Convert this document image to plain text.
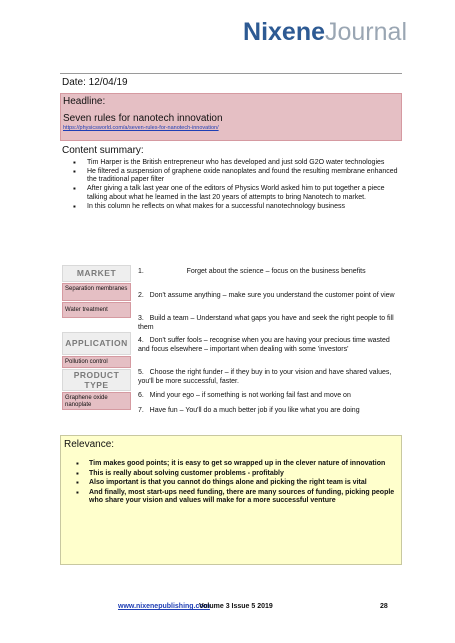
NixeneJournal
Date: 12/04/19
Headline:
Seven rules for nanotech innovation
https://physicsworld.com/a/seven-rules-for-nanotech-innovation/
Content summary:
▪ Tim Harper is the British entrepreneur who has developed and just sold G2O water technologies
▪ He filtered a suspension of graphene oxide nanoplates and found the resulting membrane enhanced the traditional paper filter
▪ After giving a talk last year one of the editors of Physics World asked him to put together a piece talking about what he learned in the last 20 years of attempts to bring Nanotech to market.
▪ In this column he reflects on what makes for a successful nanotechnology business
MARKET
Separation membranes
Water treatment
APPLICATION
Pollution control
PRODUCT TYPE
Graphene oxide nanoplate
1.                      Forget about the science – focus on the business benefits
2.   Don't assume anything – make sure you understand the customer point of view
3.   Build a team – Understand what gaps you have and seek the right people to fill them
4.   Don't suffer fools – recognise when you are having your precious time wasted and focus elsewhere – important when dealing with some 'investors'
5.   Choose the right funder – if they buy in to your vision and have shared values, you'll be more successful, faster.
6.   Mind your ego – if something is not working fail fast and move on
7.   Have fun – You'll do a much better job if you like what you are doing
Relevance:
▪ Tim makes good points; it is easy to get so wrapped up in the clever nature of innovation
▪ This is really about solving customer problems - profitably
▪ Also important is that you cannot do things alone and picking the right team is vital
▪ And finally, most start-ups need funding, there are many sources of funding, picking people who share your vision and values will make for a more successful venture
www.nixenepublishing.com
Volume 3 Issue 5 2019	28
